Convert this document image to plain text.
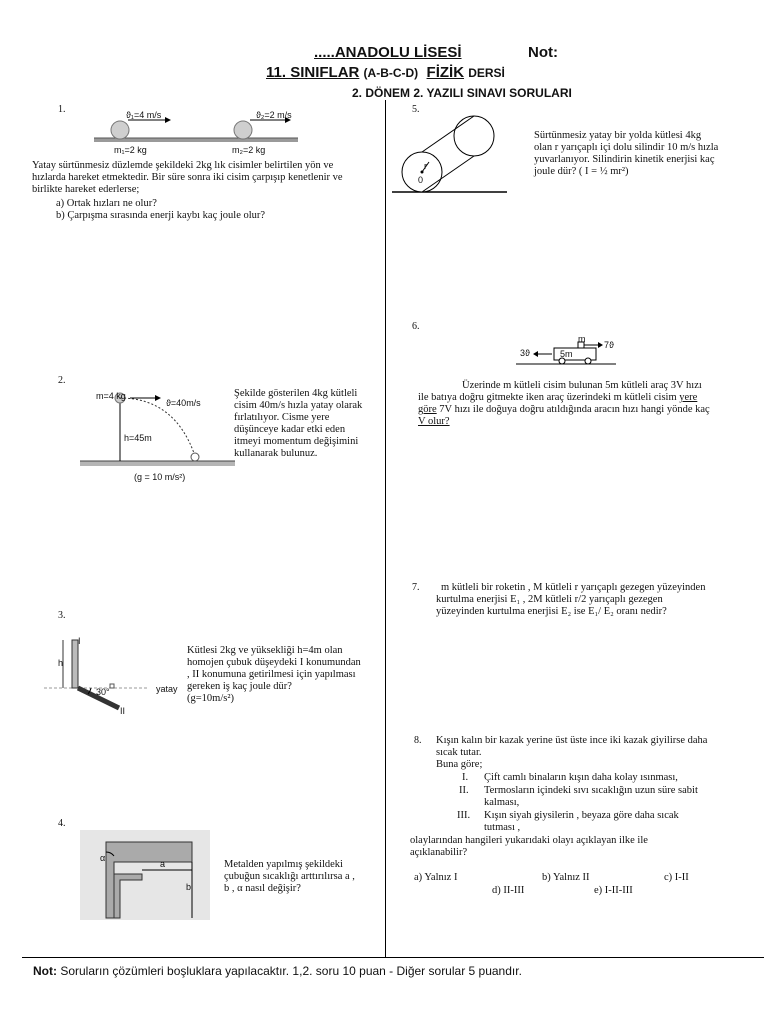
.....ANADOLU LİSESİ	Not:
11. SINIFLAR (A-B-C-D) FİZİK DERSİ
2. DÖNEM 2. YAZILI SINAVI SORULARI
1.	ϑ₁=4 m/s	ϑ₂=2 m/s
m₁=2 kg	m₂=2 kg
Yatay sürtünmesiz düzlemde şekildeki 2kg lık cisimler belirtilen yön ve
hızlarda hareket etmektedir. Bir süre sonra iki cisim çarpışıp kenetlenir ve
birlikte hareket ederlerse;
a) Ortak hızları ne olur?
b) Çarpışma sırasında enerji kaybı kaç joule olur?
2.
m=4 kg
ϑ=40m/s
h=45m
(g = 10 m/s²)
Şekilde gösterilen 4kg kütleli
cisim 40m/s hızla yatay olarak
fırlatılıyor. Cisme yere
düşünceye kadar etki eden
itmeyi momentum değişimini
kullanarak bulunuz.
3.
h
I
II
30°	yatay
Kütlesi 2kg ve yüksekliği h=4m olan
homojen çubuk düşeydeki I konumundan
, II konumuna getirilmesi için yapılması
gereken iş kaç joule dür?
(g=10m/s²)
4.
α
a
b
Metalden yapılmış şekildeki
çubuğun sıcaklığı arttırılırsa a ,
b , α nasıl değişir?
5.
r
0
Sürtünmesiz yatay bir yolda kütlesi 4kg
olan r yarıçaplı içi dolu silindir 10 m/s hızla
yuvarlanıyor. Silindirin kinetik enerjisi kaç
joule dür? ( I = ½ mr²)
6.
3ϑ
7ϑ
m
5m
Üzerinde m kütleli cisim bulunan 5m kütleli araç 3V hızı
ile batıya doğru gitmekte iken araç üzerindeki m kütleli cisim yere
göre 7V hızı ile doğuya doğru atıldığında aracın hızı hangi yönde kaç
V olur?
7. m kütleli bir roketin , M kütleli r yarıçaplı gezegen yüzeyinden
kurtulma enerjisi E₁ , 2M kütleli r/2 yarıçaplı gezegen
yüzeyinden kurtulma enerjisi E₂ ise E₁/ E₂ oranı nedir?
8. Kışın kalın bir kazak yerine üst üste ince iki kazak giyilirse daha
sıcak tutar.
Buna göre;
I. Çift camlı binaların kışın daha kolay ısınması,
II. Termosların içindeki sıvı sıcaklığın uzun süre sabit
kalması,
III. Kışın siyah giysilerin , beyaza göre daha sıcak
tutması ,
olaylarından hangileri yukarıdaki olayı açıklayan ilke ile
açıklanabilir?
a) Yalnız I	b) Yalnız II	c) I-II
d) II-III	e) I-II-III
Not: Soruların çözümleri boşluklara yapılacaktır. 1,2. soru 10 puan - Diğer sorular 5 puandır.
